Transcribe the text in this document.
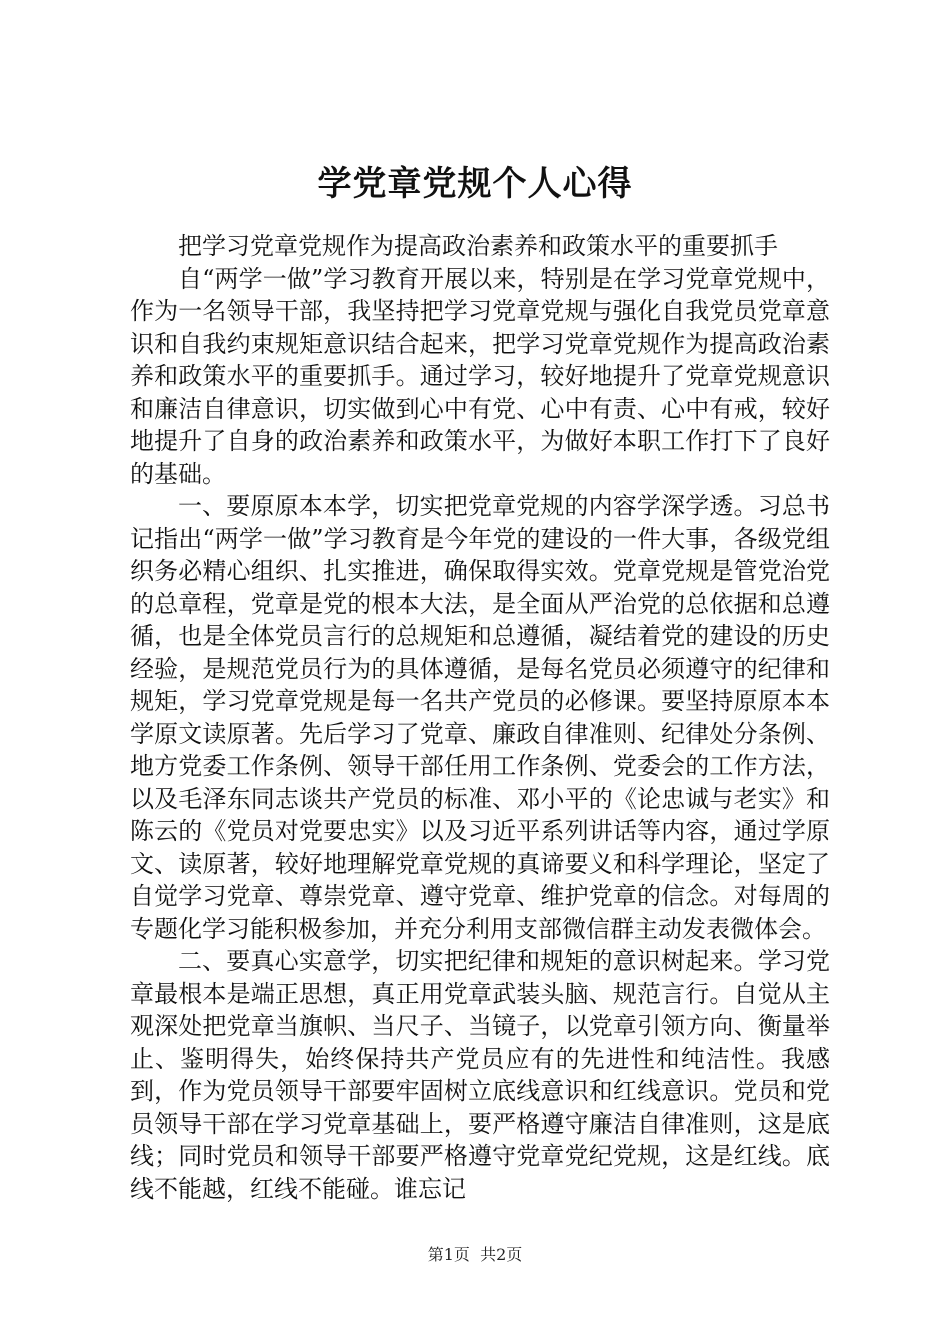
学党章党规个人心得

把学习党章党规作为提高政治素养和政策水平的重要抓手

自“两学一做”学习教育开展以来，特别是在学习党章党规中，作为一名领导干部，我坚持把学习党章党规与强化自我党员党章意识和自我约束规矩意识结合起来，把学习党章党规作为提高政治素养和政策水平的重要抓手。通过学习，较好地提升了党章党规意识和廉洁自律意识，切实做到心中有党、心中有责、心中有戒，较好地提升了自身的政治素养和政策水平，为做好本职工作打下了良好的基础。

一、要原原本本学，切实把党章党规的内容学深学透。习总书记指出“两学一做”学习教育是今年党的建设的一件大事，各级党组织务必精心组织、扎实推进，确保取得实效。党章党规是管党治党的总章程，党章是党的根本大法，是全面从严治党的总依据和总遵循，也是全体党员言行的总规矩和总遵循，凝结着党的建设的历史经验，是规范党员行为的具体遵循，是每名党员必须遵守的纪律和规矩，学习党章党规是每一名共产党员的必修课。要坚持原原本本学原文读原著。先后学习了党章、廉政自律准则、纪律处分条例、地方党委工作条例、领导干部任用工作条例、党委会的工作方法，以及毛泽东同志谈共产党员的标准、邓小平的《论忠诚与老实》和陈云的《党员对党要忠实》以及习近平系列讲话等内容，通过学原文、读原著，较好地理解党章党规的真谛要义和科学理论，坚定了自觉学习党章、尊崇党章、遵守党章、维护党章的信念。对每周的专题化学习能积极参加，并充分利用支部微信群主动发表微体会。

二、要真心实意学，切实把纪律和规矩的意识树起来。学习党章最根本是端正思想，真正用党章武装头脑、规范言行。自觉从主观深处把党章当旗帜、当尺子、当镜子，以党章引领方向、衡量举止、鉴明得失，始终保持共产党员应有的先进性和纯洁性。我感到，作为党员领导干部要牢固树立底线意识和红线意识。党员和党员领导干部在学习党章基础上，要严格遵守廉洁自律准则，这是底线；同时党员和领导干部要严格遵守党章党纪党规，这是红线。底线不能越，红线不能碰。谁忘记

第1页  共2页
